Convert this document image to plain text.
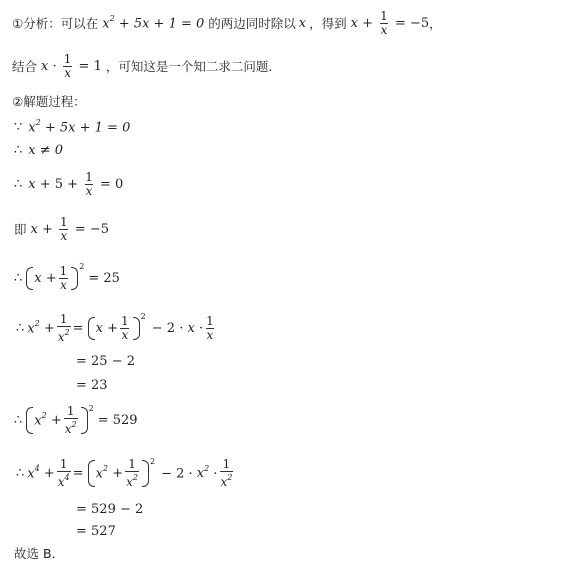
①分析：可以在 $x^2 + 5x + 1 = 0$ 的两边同时除以 x ，得到 $x + \frac{1}{x} = -5$ ，
结合 $x \cdot \frac{1}{x} = 1$ ，可知这是一个知二求二问题.
②解题过程：
∵ $x^2 + 5x + 1 = 0$
∴ x ≠ 0
∴ $x + 5 + \frac{1}{x} = 0$
即 $x + \frac{1}{x} = -5$
∴ $x + \frac{1}{x} 2$
= 25
∴ $x^2 + \frac{1}{x^2} = x + \frac{1}{x} 2$
− $2 \cdot x \cdot \frac{1}{x}$
= 25 − 2
= 23
∴ $x^2 + \frac{1}{x^2} 2$
= 529
∴ $x^4 + \frac{1}{x^4} = x^2 + \frac{1}{x^2} 2$
− $2 \cdot x^2 \cdot \frac{1}{x^2}$
= 529 − 2
= 527
故选 B.
